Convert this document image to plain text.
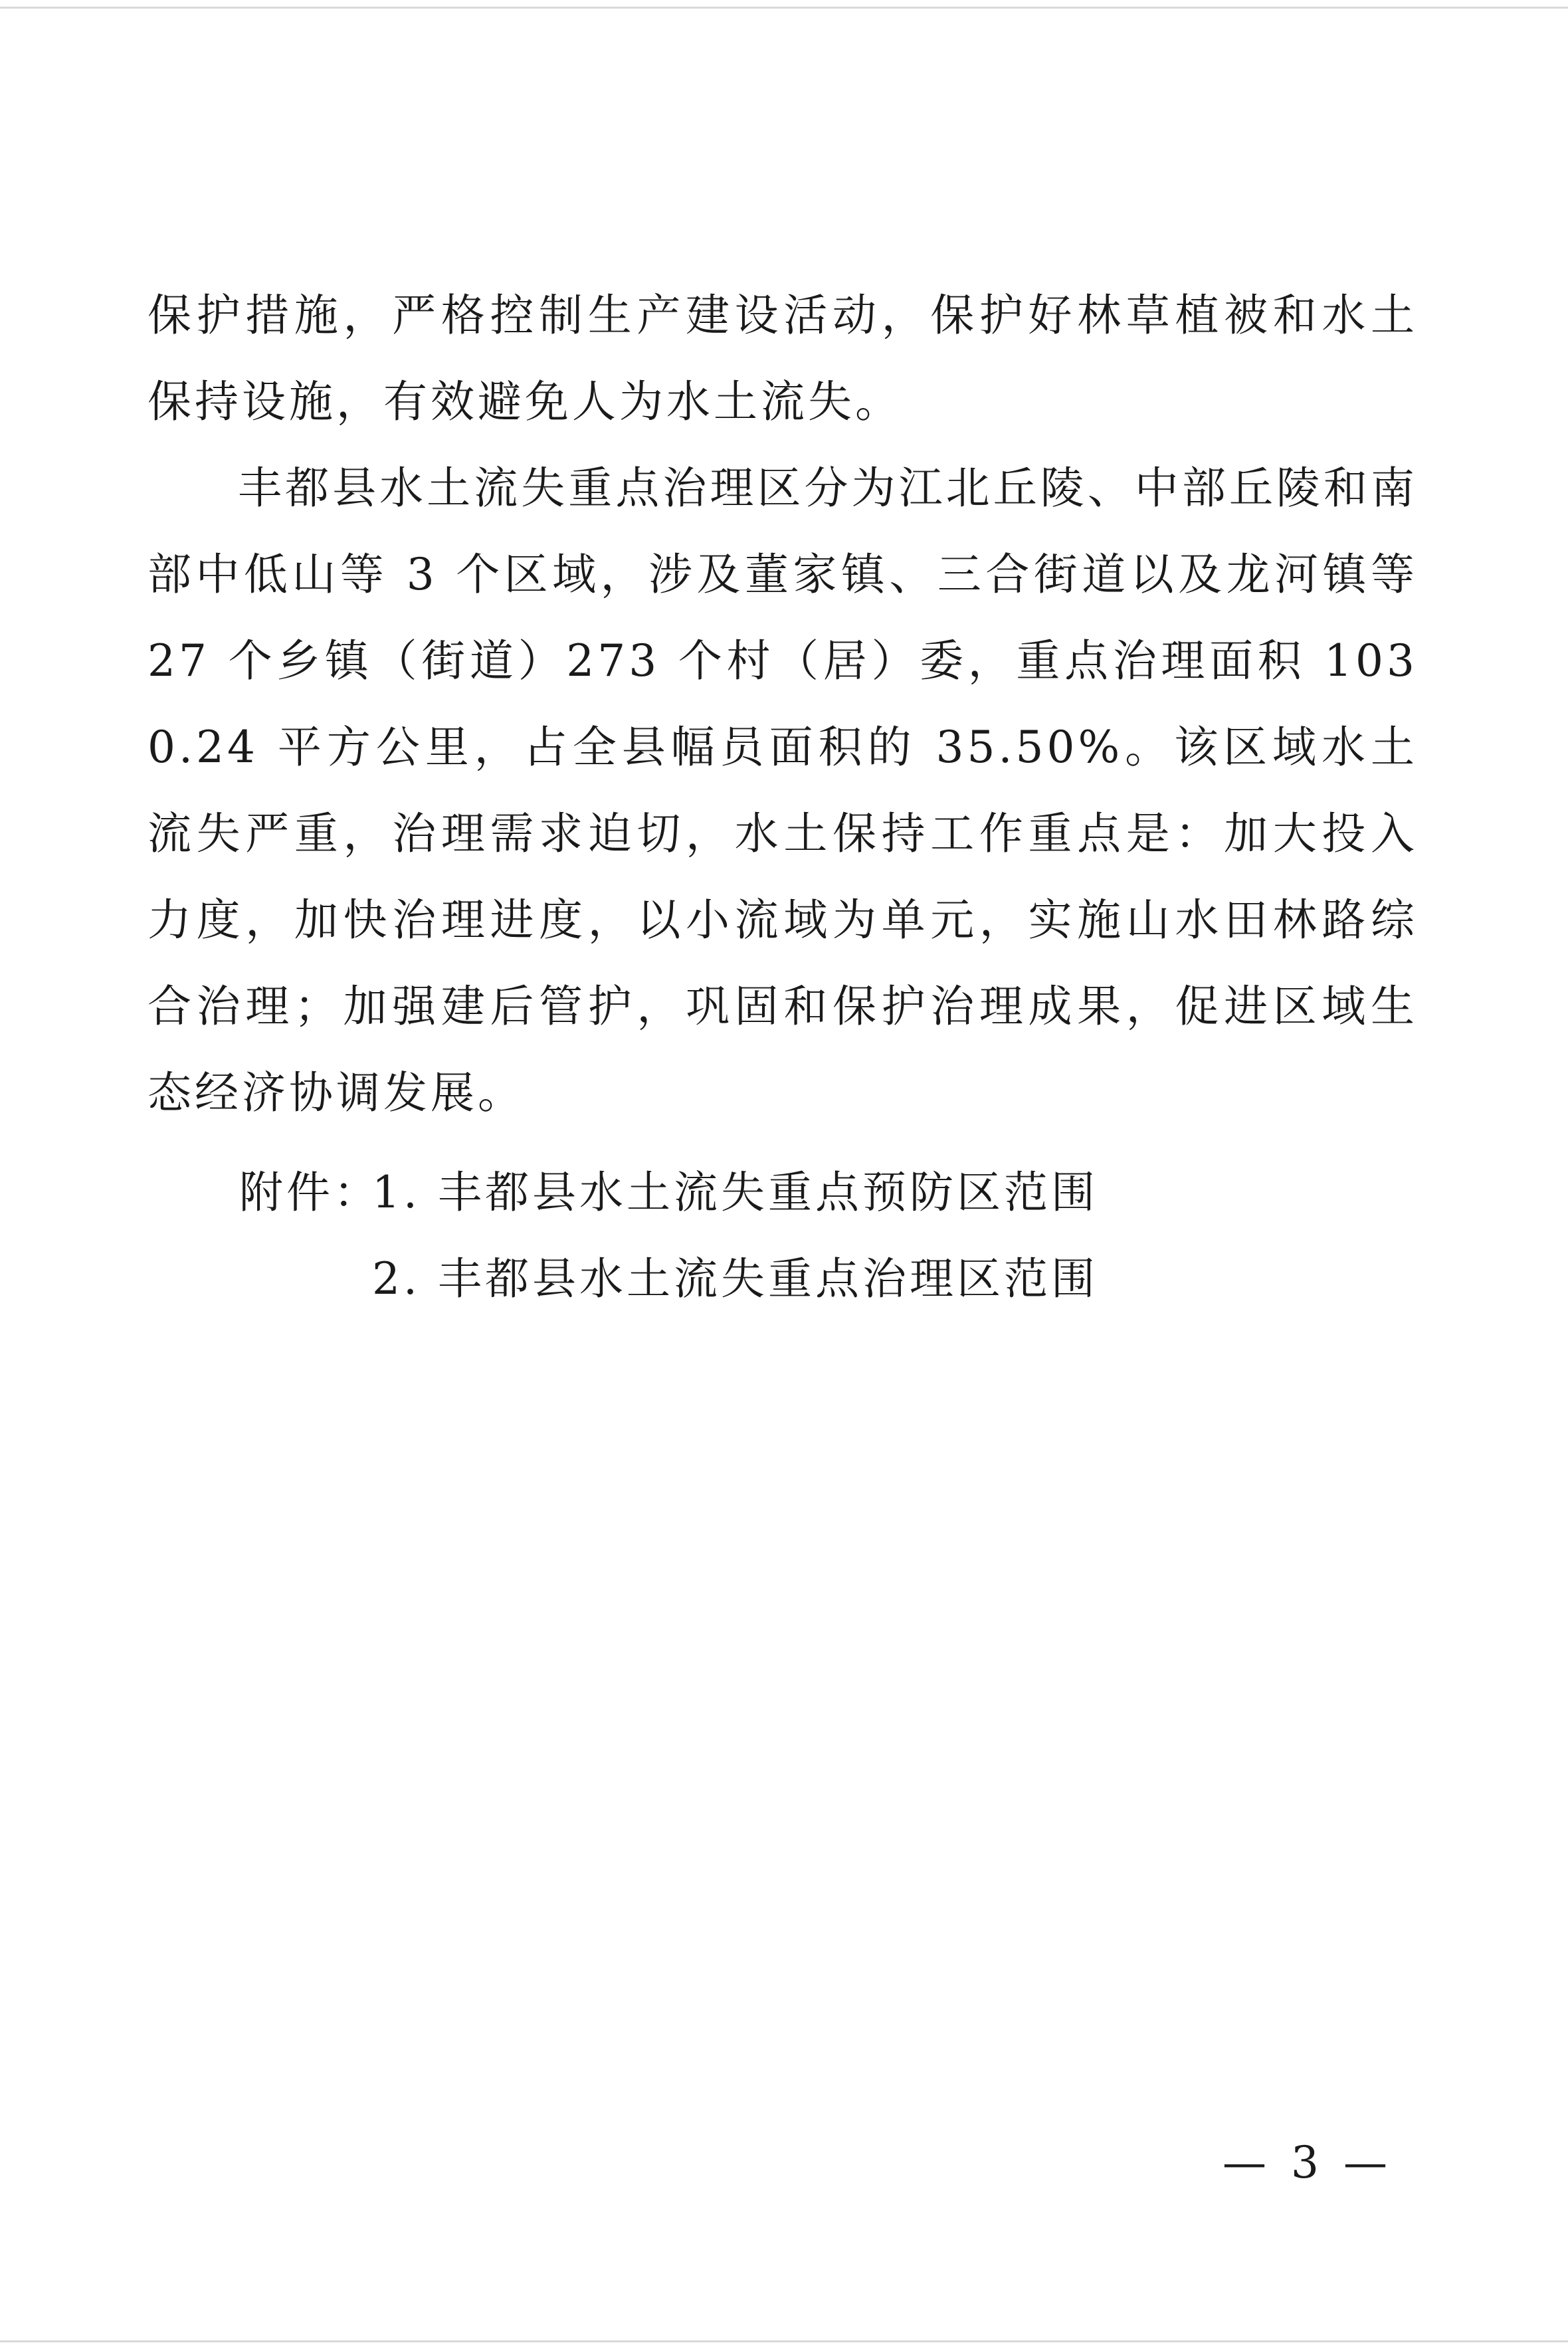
保护措施，严格控制生产建设活动，保护好林草植被和水土保持设施，有效避免人为水土流失。

丰都县水土流失重点治理区分为江北丘陵、中部丘陵和南部中低山等 3 个区域，涉及董家镇、三合街道以及龙河镇等 27 个乡镇（街道）273 个村（居）委，重点治理面积 1030.24 平方公里，占全县幅员面积的 35.50%。该区域水土流失严重，治理需求迫切，水土保持工作重点是：加大投入力度，加快治理进度，以小流域为单元，实施山水田林路综合治理；加强建后管护，巩固和保护治理成果，促进区域生态经济协调发展。

附件：
1. 丰都县水土流失重点预防区范围
2. 丰都县水土流失重点治理区范围
— 3 —
